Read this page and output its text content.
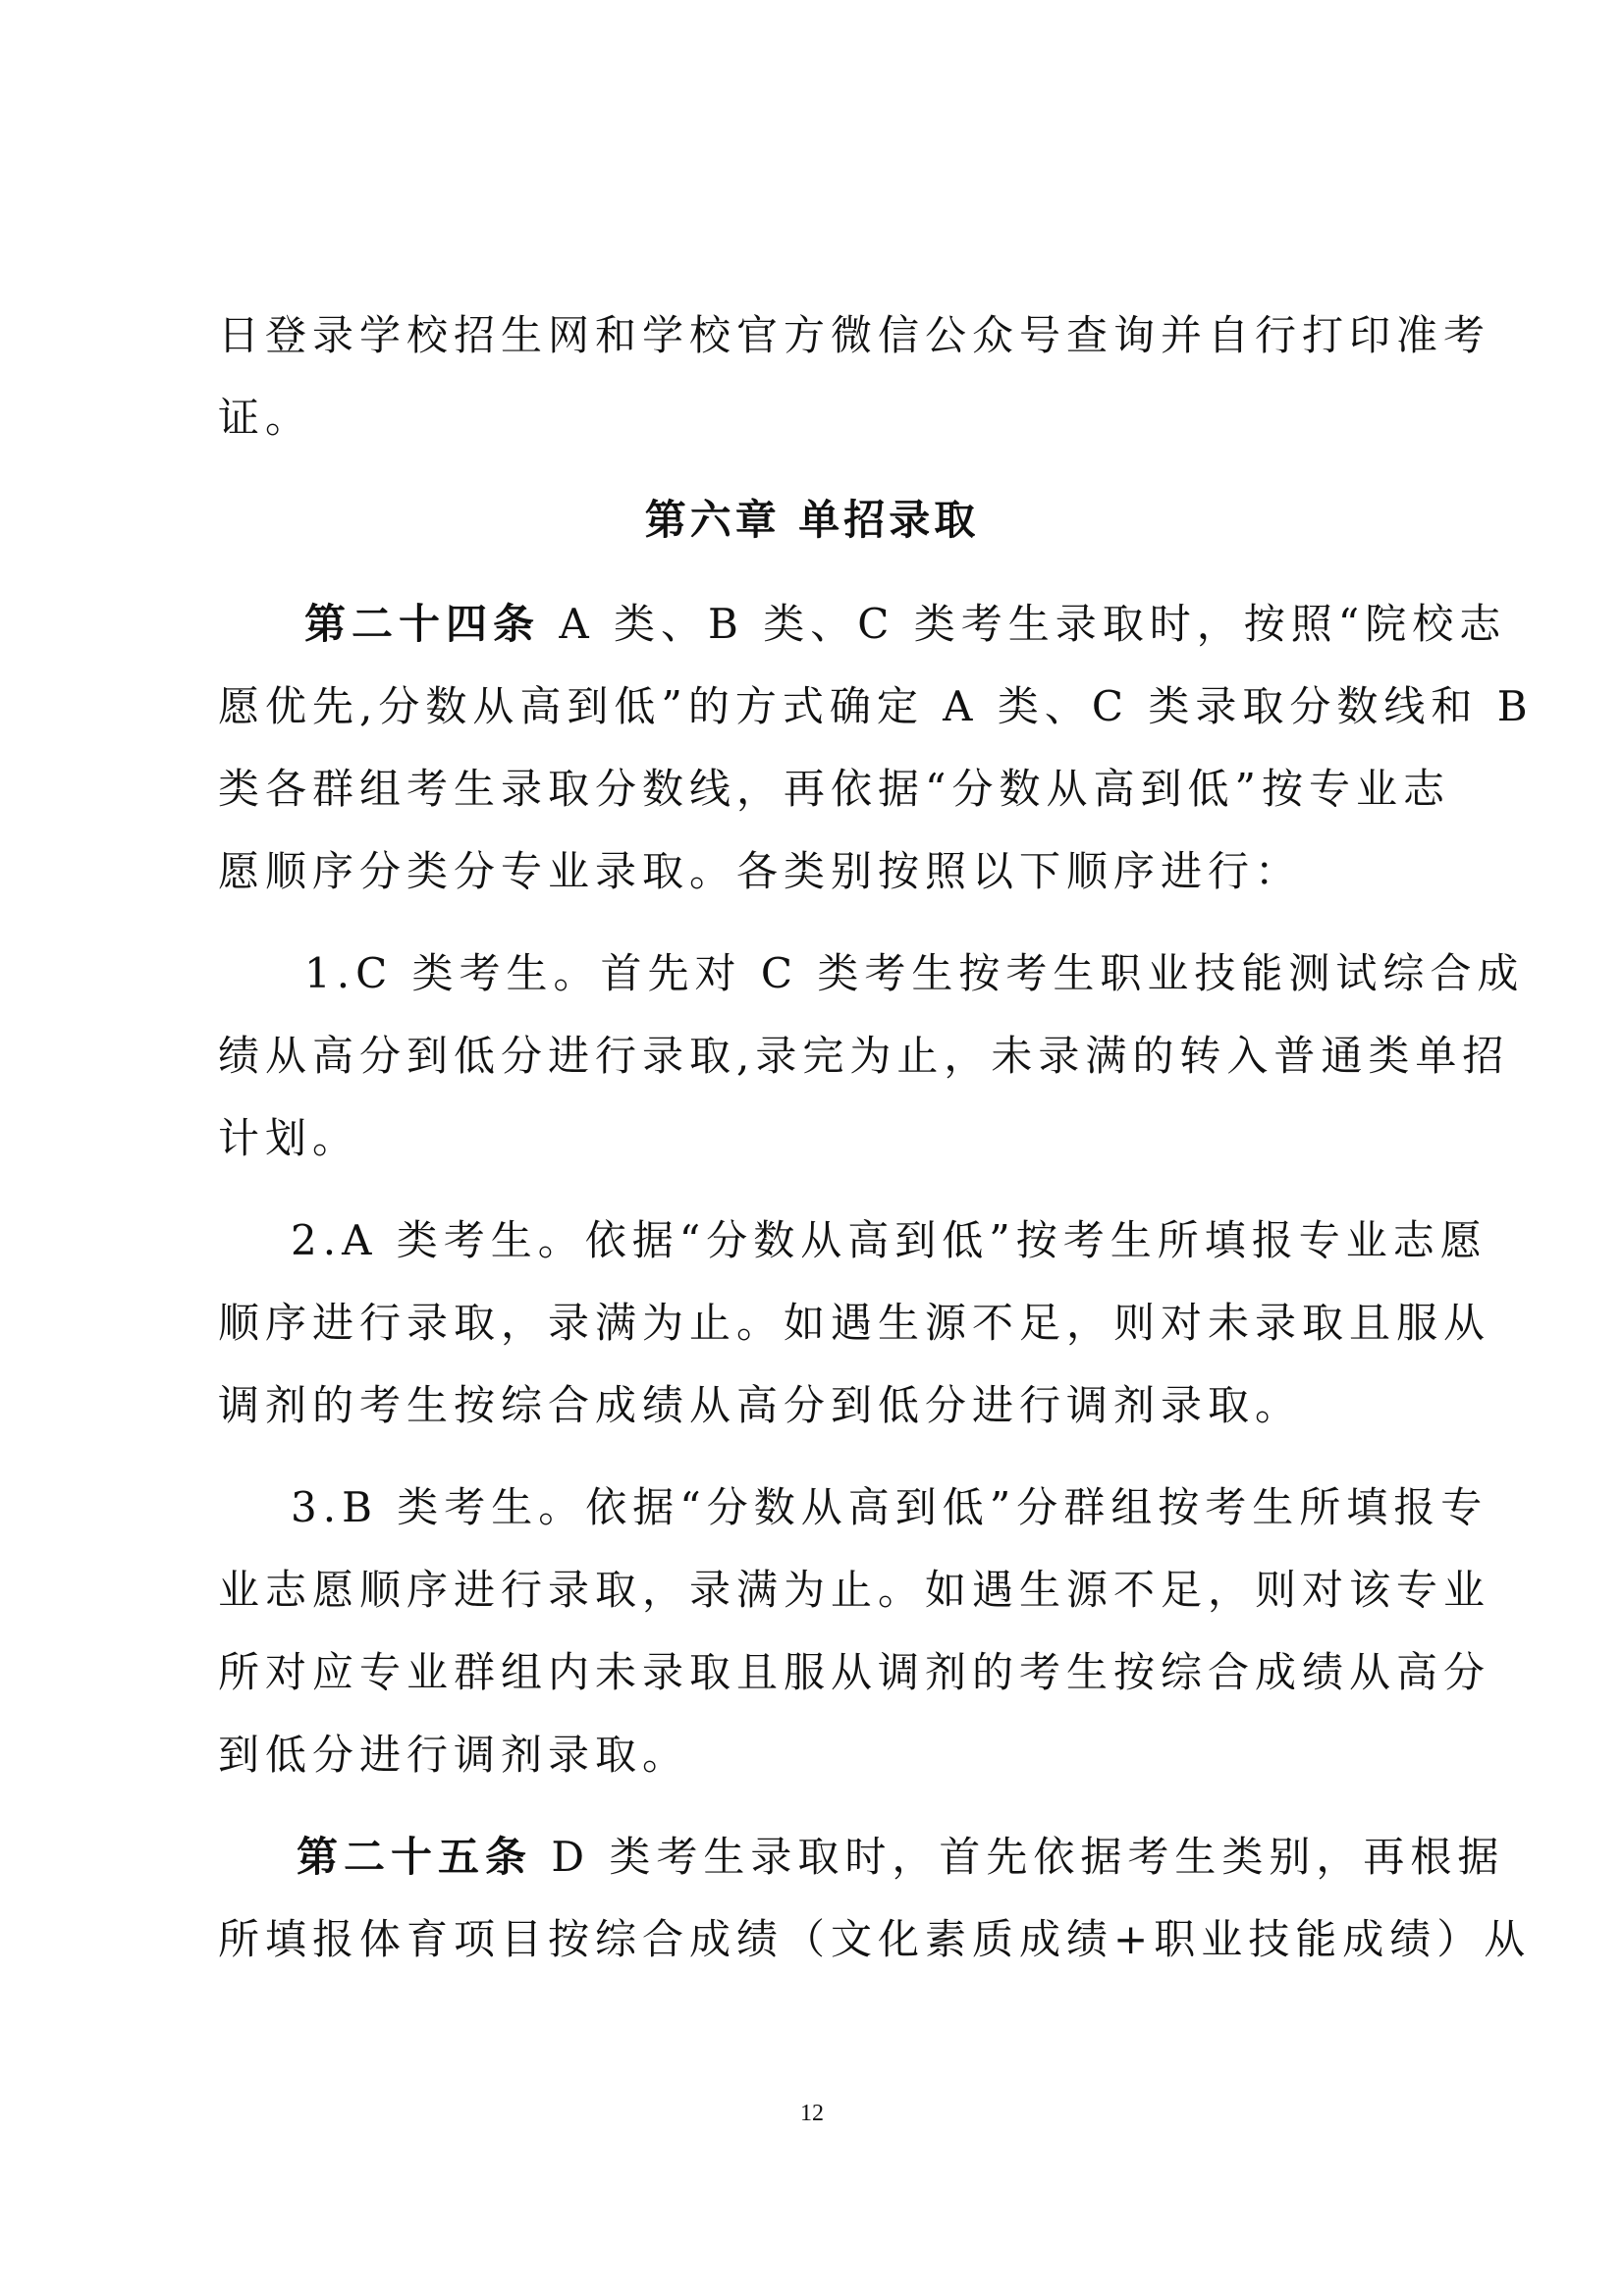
日登录学校招生网和学校官方微信公众号查询并自行打印准考
证。
第六章 单招录取
第二十四条 A 类、B 类、C 类考生录取时，按照“院校志
愿优先,分数从高到低”的方式确定 A 类、C 类录取分数线和 B
类各群组考生录取分数线，再依据“分数从高到低”按专业志
愿顺序分类分专业录取。各类别按照以下顺序进行：
1.C 类考生。首先对 C 类考生按考生职业技能测试综合成
绩从高分到低分进行录取,录完为止，未录满的转入普通类单招
计划。
2.A 类考生。依据“分数从高到低”按考生所填报专业志愿
顺序进行录取，录满为止。如遇生源不足，则对未录取且服从
调剂的考生按综合成绩从高分到低分进行调剂录取。
3.B 类考生。依据“分数从高到低”分群组按考生所填报专
业志愿顺序进行录取，录满为止。如遇生源不足，则对该专业
所对应专业群组内未录取且服从调剂的考生按综合成绩从高分
到低分进行调剂录取。
第二十五条 D 类考生录取时，首先依据考生类别，再根据
所填报体育项目按综合成绩（文化素质成绩+职业技能成绩）从
12
